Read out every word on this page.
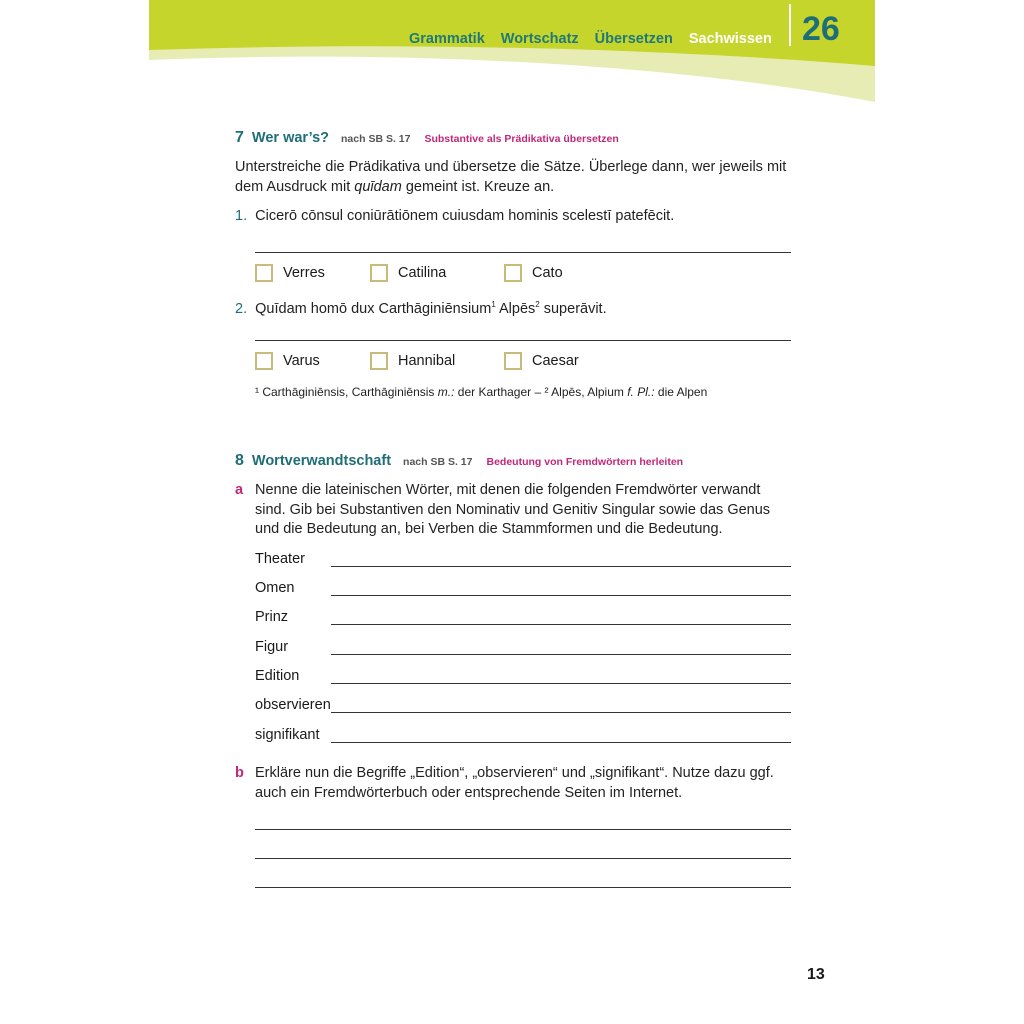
Grammatik Wortschatz Übersetzen Sachwissen 26
7 Wer war’s? nach SB S. 17 Substantive als Prädikativa übersetzen
Unterstreiche die Prädikativa und übersetze die Sätze. Überlege dann, wer jeweils mit
dem Ausdruck mit quīdam gemeint ist. Kreuze an.
1. Cicerō cōnsul coniūrātiōnem cuiusdam hominis scelestī patefēcit.
Verres	Catilina	Cato
2. Quīdam homō dux Carthāginiēnsium$^1$ Alpēs$^2$ superāvit.
Varus	Hannibal	Caesar
¹ Carthāginiēnsis, Carthāginiēnsis m.: der Karthager – ² Alpēs, Alpium f. Pl.: die Alpen
8 Wortverwandtschaft nach SB S. 17 Bedeutung von Fremdwörtern herleiten
a Nenne die lateinischen Wörter, mit denen die folgenden Fremdwörter verwandt
sind. Gib bei Substantiven den Nominativ und Genitiv Singular sowie das Genus
und die Bedeutung an, bei Verben die Stammformen und die Bedeutung.
Theater
Omen
Prinz
Figur
Edition
observieren
signifikant
b Erkläre nun die Begriffe „Edition“, „observieren“ und „signifikant“. Nutze dazu ggf.
auch ein Fremdwörterbuch oder entsprechende Seiten im Internet.
13
